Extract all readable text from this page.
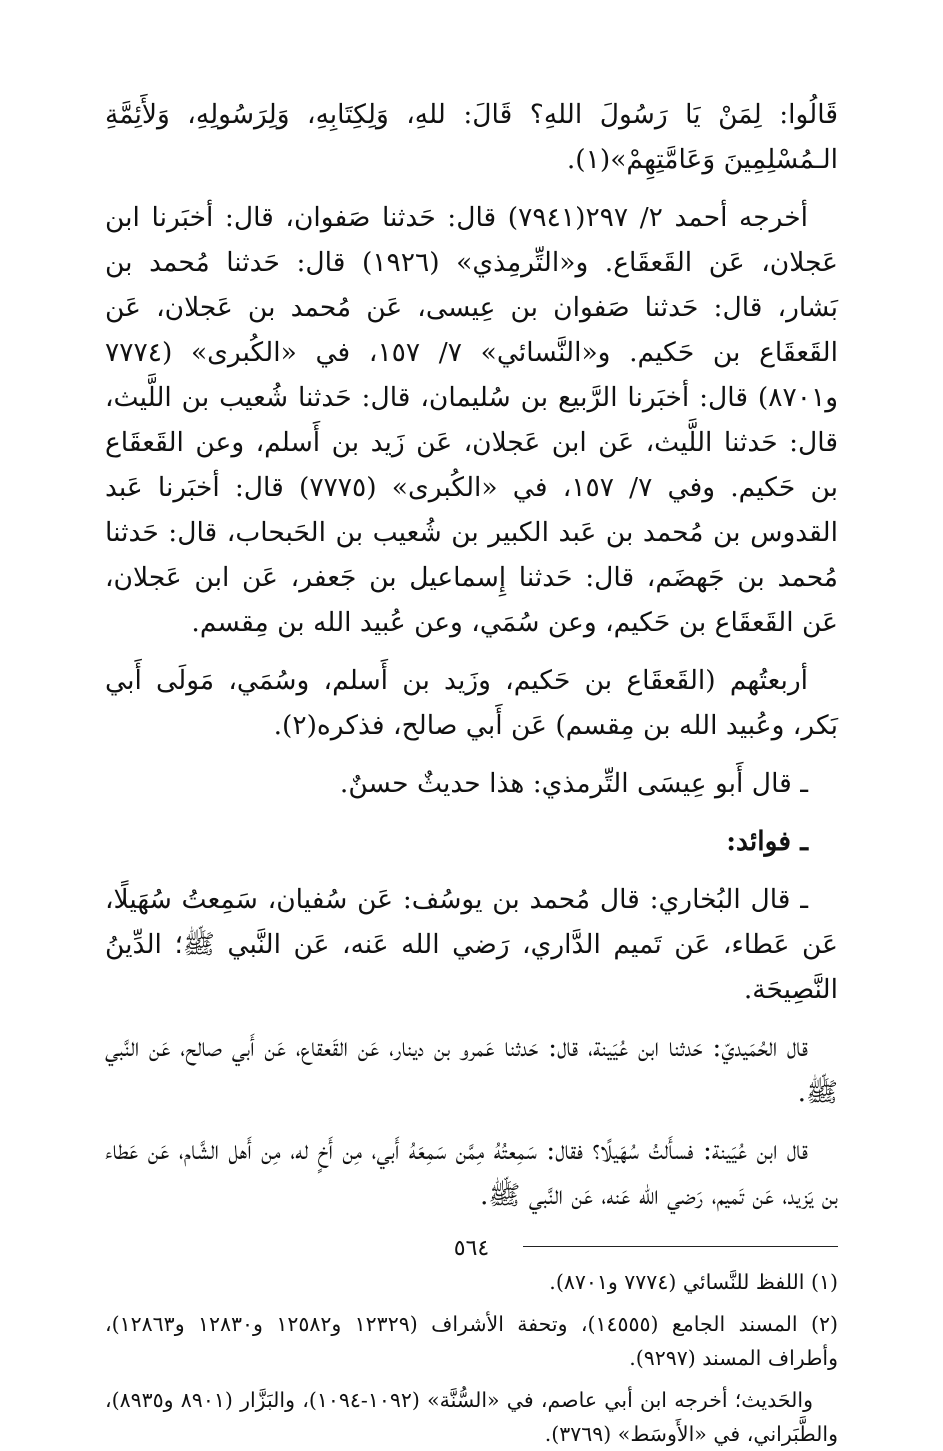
قَالُوا: لِمَنْ يَا رَسُولَ اللهِ؟ قَالَ: للهِ، وَلِكِتَابِهِ، وَلِرَسُولِهِ، وَلأَئِمَّةِ الـمُسْلِمِينَ وَعَامَّتِهِمْ»(١).

أخرجه أحمد ٢/ ٢٩٧(٧٩٤١) قال: حَدثنا صَفوان، قال: أخبَرنا ابن عَجلان، عَن القَعقَاع. و«التِّرمِذي» (١٩٢٦) قال: حَدثنا مُحمد بن بَشار، قال: حَدثنا صَفوان بن عِيسى، عَن مُحمد بن عَجلان، عَن القَعقَاع بن حَكيم. و«النَّسائي» ٧/ ١٥٧، في «الكُبرى» (٧٧٧٤ و٨٧٠١) قال: أخبَرنا الرَّبيع بن سُليمان، قال: حَدثنا شُعيب بن اللَّيث، قال: حَدثنا اللَّيث، عَن ابن عَجلان، عَن زَيد بن أَسلم، وعن القَعقَاع بن حَكيم. وفي ٧/ ١٥٧، في «الكُبرى» (٧٧٧٥) قال: أخبَرنا عَبد القدوس بن مُحمد بن عَبد الكبير بن شُعيب بن الحَبحاب، قال: حَدثنا مُحمد بن جَهضَم، قال: حَدثنا إِسماعيل بن جَعفر، عَن ابن عَجلان، عَن القَعقَاع بن حَكيم، وعن سُمَي، وعن عُبيد الله بن مِقسم.

أربعتُهم (القَعقَاع بن حَكيم، وزَيد بن أَسلم، وسُمَي، مَولَى أَبي بَكر، وعُبيد الله بن مِقسم) عَن أَبي صالح، فذكره(٢).

ـ قال أَبو عِيسَى التِّرمذي: هذا حديثٌ حسنٌ.

ـ فوائد:

ـ قال البُخاري: قال مُحمد بن يوسُف: عَن سُفيان، سَمِعتُ سُهَيلًا، عَن عَطاء، عَن تَميم الدَّاري، رَضي الله عَنه، عَن النَّبي ﷺ؛ الدِّينُ النَّصِيحَة.

قال الحُمَيديّ: حَدثنا ابن عُيَينة، قال: حَدثنا عَمرو بن دينار، عَن القَعقاع، عَن أَبي صالح، عَن النَّبي ﷺ.

قال ابن عُيَينة: فسأَلتُ سُهَيلًا؟ فقال: سَمِعتُهُ مِمَّن سَمِعَهُ أَبي، مِن أَخٍ له، مِن أَهل الشَّام، عَن عَطاء بن يَزيد، عَن تَميم، رَضي الله عَنه، عَن النَّبي ﷺ.

(١) اللفظ للنَّسائي (٧٧٧٤ و٨٧٠١).

(٢) المسند الجامع (١٤٥٥٥)، وتحفة الأشراف (١٢٣٢٩ و١٢٥٨٢ و١٢٨٣٠ و١٢٨٦٣)، وأطراف المسند (٩٢٩٧).

والحَديث؛ أخرجه ابن أبي عاصم، في «السُّنَّة» (١٠٩٢-١٠٩٤)، والبَزَّار (٨٩٠١ و٨٩٣٥)، والطَّبَراني، في «الأَوسَط» (٣٧٦٩).

٥٦٤
